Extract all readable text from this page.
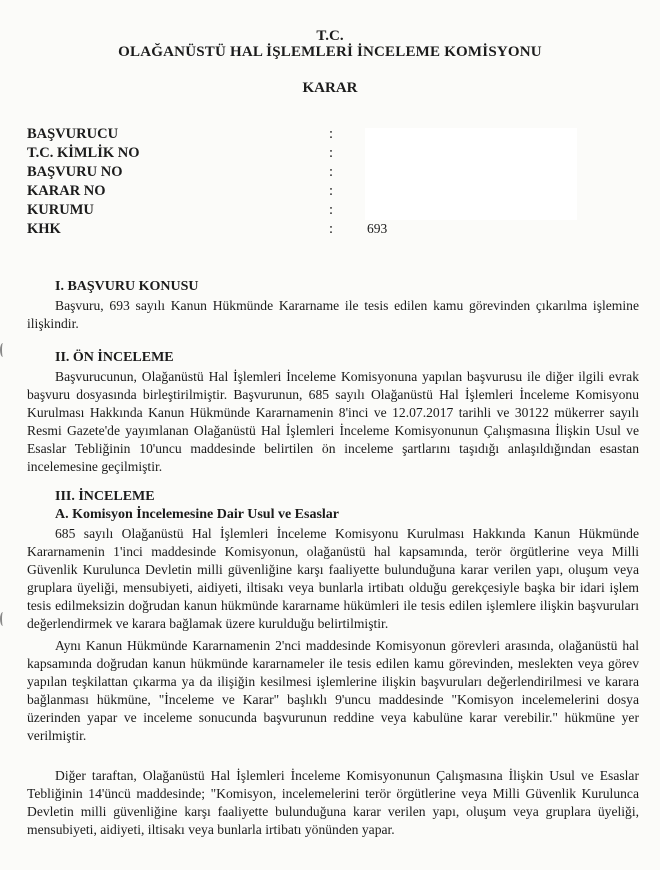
T.C.
OLAĞANÜSTÜ HAL İŞLEMLERİ İNCELEME KOMİSYONU
KARAR
BAŞVURUCU	:
T.C. KİMLİK NO	:
BAŞVURU NO	:
KARAR NO	:
KURUMU	:
KHK	:	693
I. BAŞVURU KONUSU

Başvuru, 693 sayılı Kanun Hükmünde Kararname ile tesis edilen kamu görevinden çıkarılma işlemine ilişkindir.

II. ÖN İNCELEME

Başvurucunun, Olağanüstü Hal İşlemleri İnceleme Komisyonuna yapılan başvurusu ile diğer ilgili evrak başvuru dosyasında birleştirilmiştir. Başvurunun, 685 sayılı Olağanüstü Hal İşlemleri İnceleme Komisyonu Kurulması Hakkında Kanun Hükmünde Kararnamenin 8'inci ve 12.07.2017 tarihli ve 30122 mükerrer sayılı Resmi Gazete'de yayımlanan Olağanüstü Hal İşlemleri İnceleme Komisyonunun Çalışmasına İlişkin Usul ve Esaslar Tebliğinin 10'uncu maddesinde belirtilen ön inceleme şartlarını taşıdığı anlaşıldığından esastan incelemesine geçilmiştir.

III. İNCELEME
A. Komisyon İncelemesine Dair Usul ve Esaslar

685 sayılı Olağanüstü Hal İşlemleri İnceleme Komisyonu Kurulması Hakkında Kanun Hükmünde Kararnamenin 1'inci maddesinde Komisyonun, olağanüstü hal kapsamında, terör örgütlerine veya Milli Güvenlik Kurulunca Devletin milli güvenliğine karşı faaliyette bulunduğuna karar verilen yapı, oluşum veya gruplara üyeliği, mensubiyeti, aidiyeti, iltisakı veya bunlarla irtibatı olduğu gerekçesiyle başka bir idari işlem tesis edilmeksizin doğrudan kanun hükmünde kararname hükümleri ile tesis edilen işlemlere ilişkin başvuruları değerlendirmek ve karara bağlamak üzere kurulduğu belirtilmiştir.

Aynı Kanun Hükmünde Kararnamenin 2'nci maddesinde Komisyonun görevleri arasında, olağanüstü hal kapsamında doğrudan kanun hükmünde kararnameler ile tesis edilen kamu görevinden, meslekten veya görev yapılan teşkilattan çıkarma ya da ilişiğin kesilmesi işlemlerine ilişkin başvuruları değerlendirilmesi ve karara bağlanması hükmüne, "İnceleme ve Karar" başlıklı 9'uncu maddesinde "Komisyon incelemelerini dosya üzerinden yapar ve inceleme sonucunda başvurunun reddine veya kabulüne karar verebilir." hükmüne yer verilmiştir.

Diğer taraftan, Olağanüstü Hal İşlemleri İnceleme Komisyonunun Çalışmasına İlişkin Usul ve Esaslar Tebliğinin 14'üncü maddesinde; "Komisyon, incelemelerini terör örgütlerine veya Milli Güvenlik Kurulunca Devletin milli güvenliğine karşı faaliyette bulunduğuna karar verilen yapı, oluşum veya gruplara üyeliği, mensubiyeti, aidiyeti, iltisakı veya bunlarla irtibatı yönünden yapar.
